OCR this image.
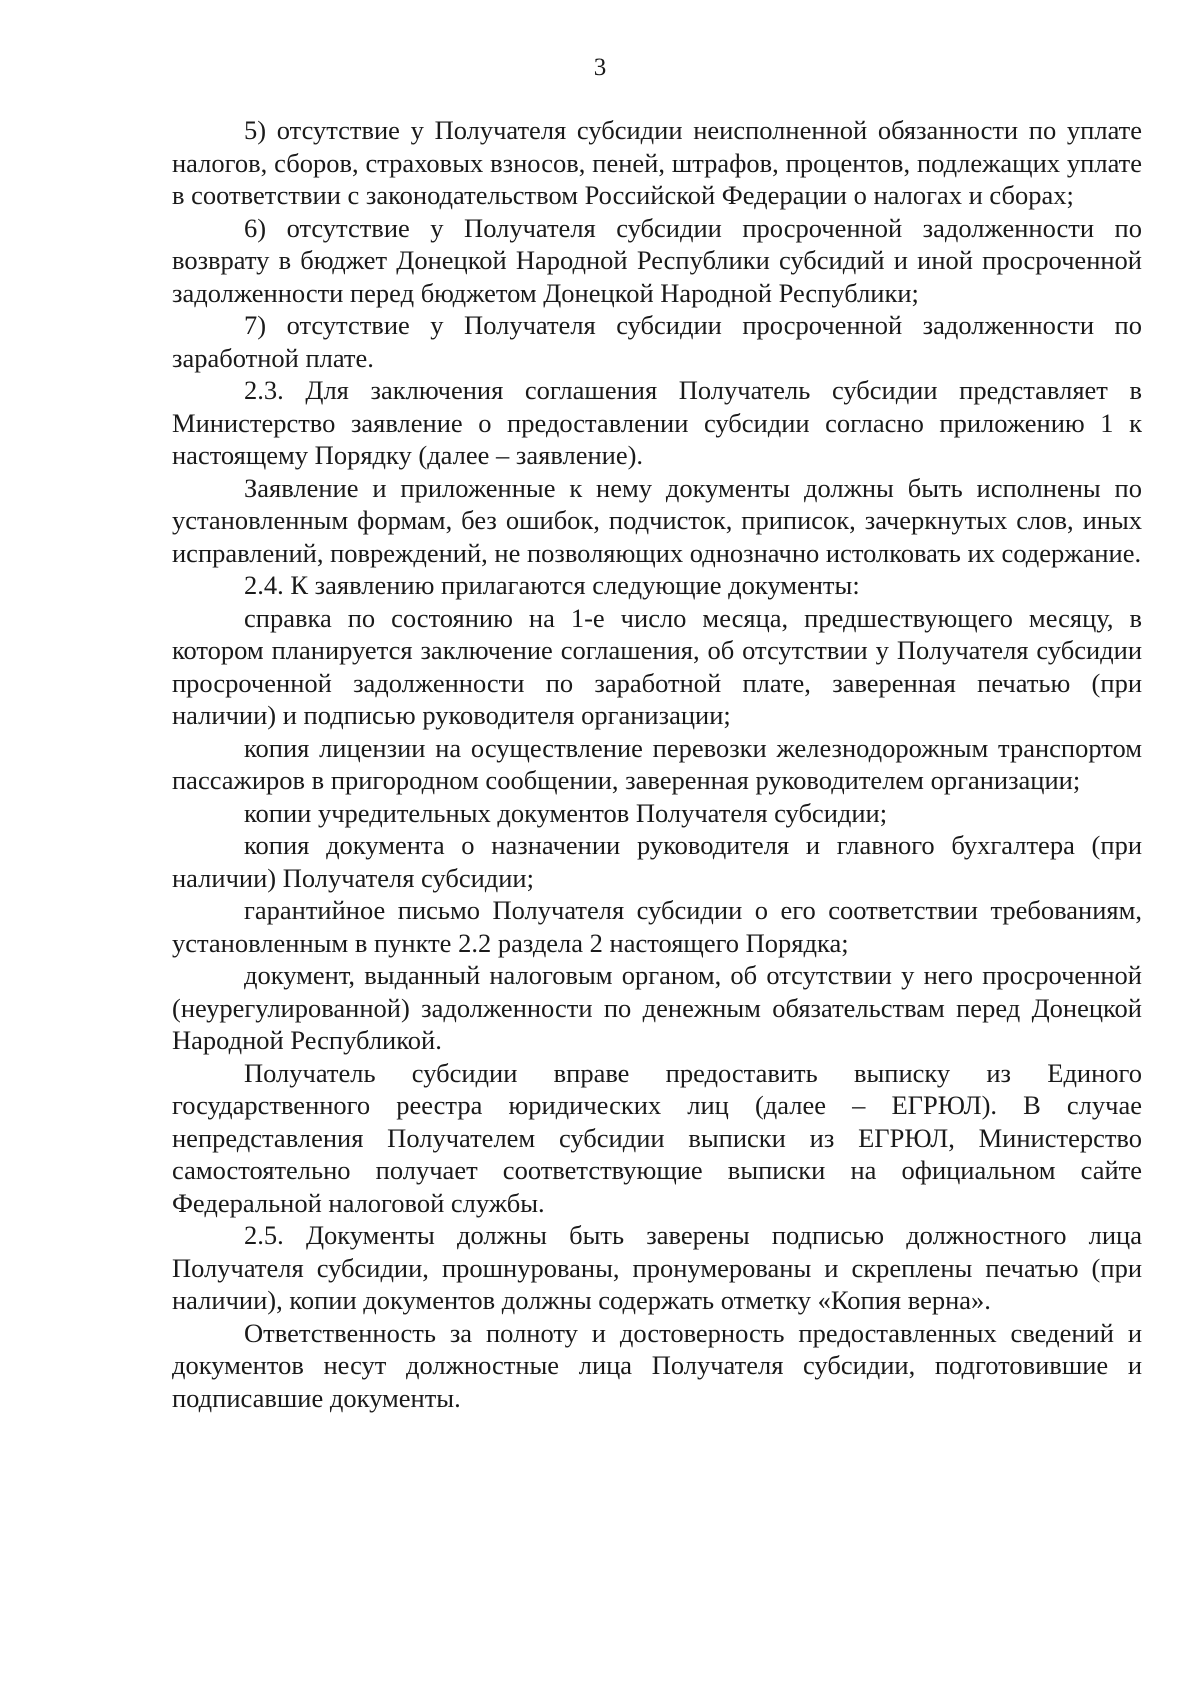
3

5) отсутствие у Получателя субсидии неисполненной обязанности по уплате налогов, сборов, страховых взносов, пеней, штрафов, процентов, подлежащих уплате в соответствии с законодательством Российской Федерации о налогах и сборах;

6) отсутствие у Получателя субсидии просроченной задолженности по возврату в бюджет Донецкой Народной Республики субсидий и иной просроченной задолженности перед бюджетом Донецкой Народной Республики;

7) отсутствие у Получателя субсидии просроченной задолженности по заработной плате.

2.3. Для заключения соглашения Получатель субсидии представляет в Министерство заявление о предоставлении субсидии согласно приложению 1 к настоящему Порядку (далее – заявление).

Заявление и приложенные к нему документы должны быть исполнены по установленным формам, без ошибок, подчисток, приписок, зачеркнутых слов, иных исправлений, повреждений, не позволяющих однозначно истолковать их содержание.

2.4. К заявлению прилагаются следующие документы:

справка по состоянию на 1-е число месяца, предшествующего месяцу, в котором планируется заключение соглашения, об отсутствии у Получателя субсидии просроченной задолженности по заработной плате, заверенная печатью (при наличии) и подписью руководителя организации;

копия лицензии на осуществление перевозки железнодорожным транспортом пассажиров в пригородном сообщении, заверенная руководителем организации;

копии учредительных документов Получателя субсидии;

копия документа о назначении руководителя и главного бухгалтера (при наличии) Получателя субсидии;

гарантийное письмо Получателя субсидии о его соответствии требованиям, установленным в пункте 2.2 раздела 2 настоящего Порядка;

документ, выданный налоговым органом, об отсутствии у него просроченной (неурегулированной) задолженности по денежным обязательствам перед Донецкой Народной Республикой.

Получатель субсидии вправе предоставить выписку из Единого государственного реестра юридических лиц (далее – ЕГРЮЛ). В случае непредставления Получателем субсидии выписки из ЕГРЮЛ, Министерство самостоятельно получает соответствующие выписки на официальном сайте Федеральной налоговой службы.

2.5. Документы должны быть заверены подписью должностного лица Получателя субсидии, прошнурованы, пронумерованы и скреплены печатью (при наличии), копии документов должны содержать отметку «Копия верна».

Ответственность за полноту и достоверность предоставленных сведений и документов несут должностные лица Получателя субсидии, подготовившие и подписавшие документы.
